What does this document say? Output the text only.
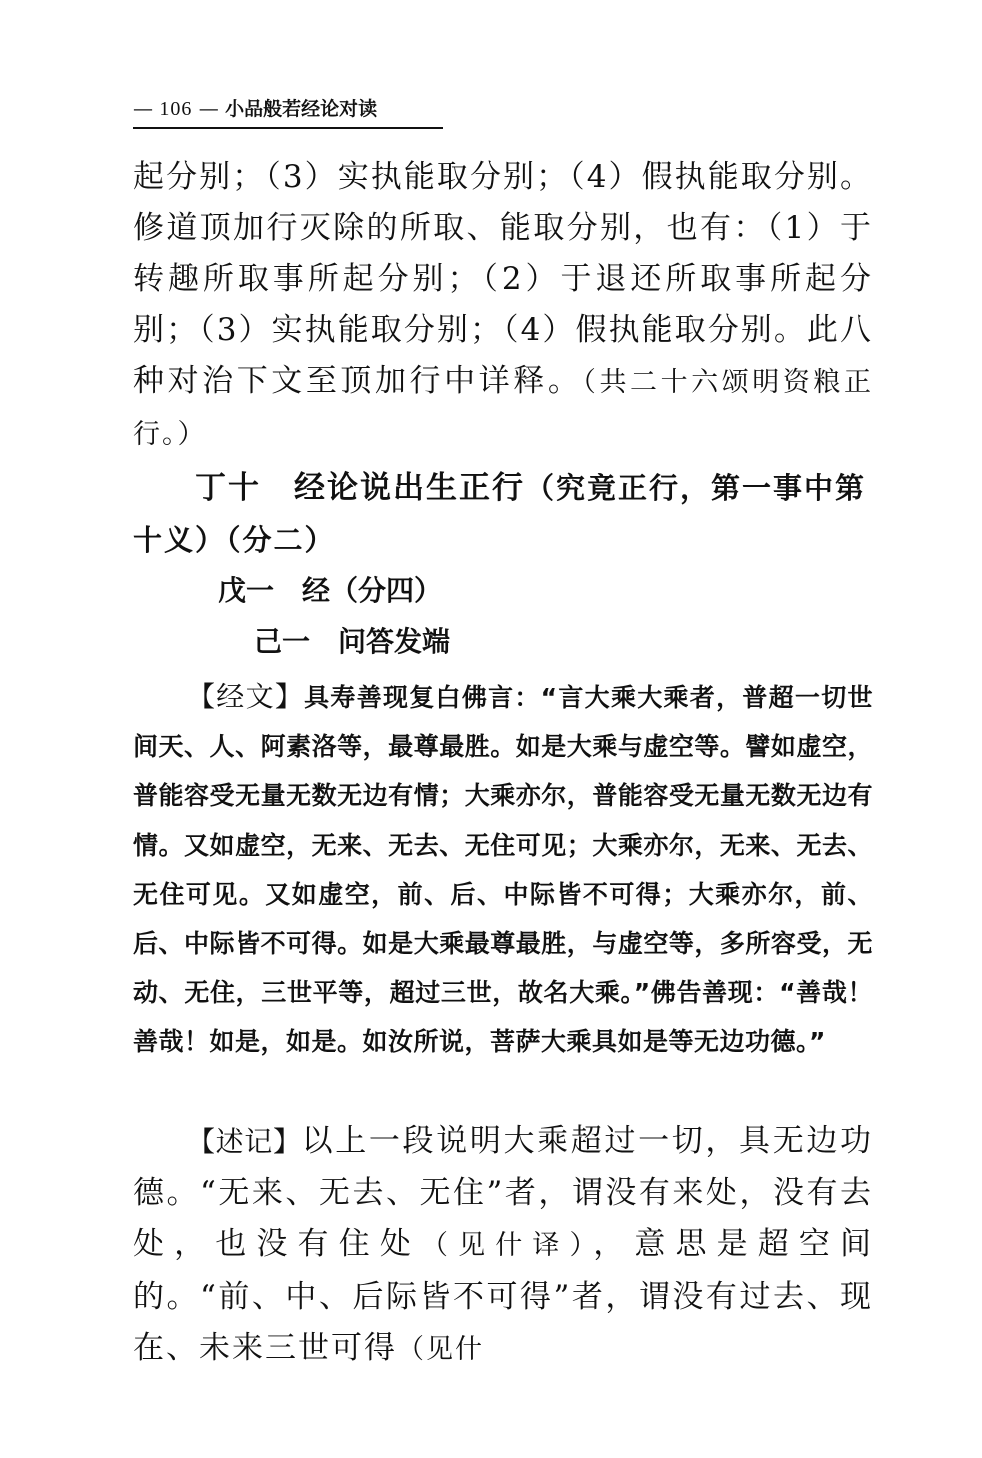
— 106 — 小品般若经论对读
起分别；（3）实执能取分别；（4）假执能取分别。修道顶加行灭除的所取、能取分别，也有：（1）于转趣所取事所起分别；（2）于退还所取事所起分别；（3）实执能取分别；（4）假执能取分别。此八种对治下文至顶加行中详释。（共二十六颂明资粮正行。）
丁十　经论说出生正行（究竟正行，第一事中第十义）（分二）
戊一　经（分四）
己一　问答发端
【经文】具寿善现复白佛言：“言大乘大乘者，普超一切世间天、人、阿素洛等，最尊最胜。如是大乘与虚空等。譬如虚空，普能容受无量无数无边有情；大乘亦尔，普能容受无量无数无边有情。又如虚空，无来、无去、无住可见；大乘亦尔，无来、无去、无住可见。又如虚空，前、后、中际皆不可得；大乘亦尔，前、后、中际皆不可得。如是大乘最尊最胜，与虚空等，多所容受，无动、无住，三世平等，超过三世，故名大乘。”佛告善现：“善哉！善哉！如是，如是。如汝所说，菩萨大乘具如是等无边功德。”
【述记】以上一段说明大乘超过一切，具无边功德。“无来、无去、无住”者，谓没有来处，没有去处，也没有住处（见什译），意思是超空间的。“前、中、后际皆不可得”者，谓没有过去、现在、未来三世可得（见什
